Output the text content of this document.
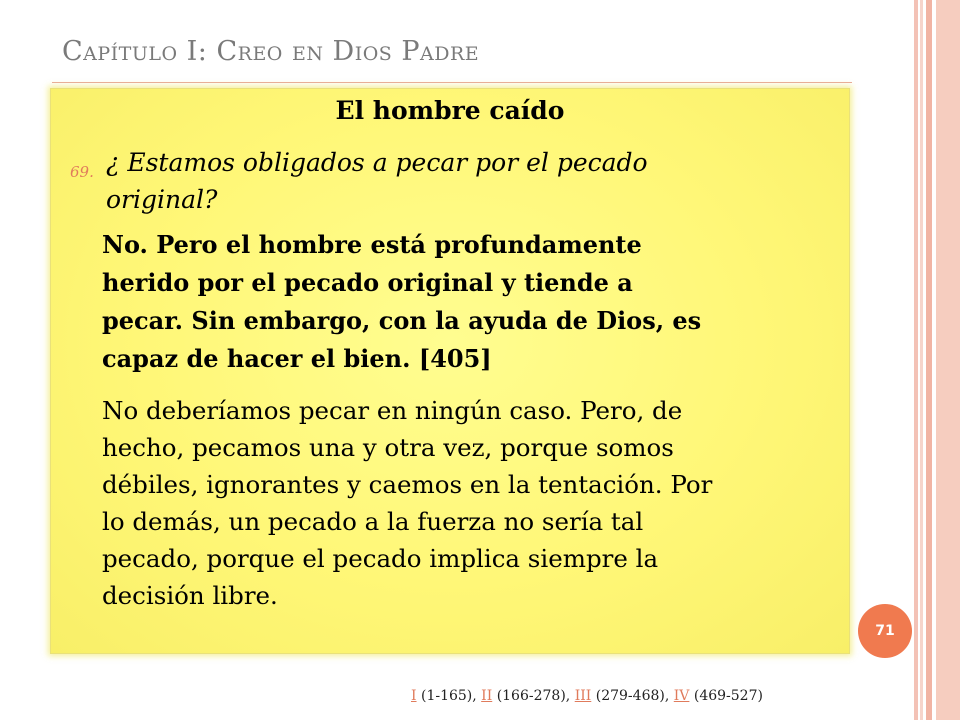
Capítulo I: Creo en Dios Padre
El hombre caído
69. ¿ Estamos obligados a pecar por el pecado
original?
No. Pero el hombre está profundamente
herido por el pecado original y tiende a
pecar. Sin embargo, con la ayuda de Dios, es
capaz de hacer el bien. [405]
No deberíamos pecar en ningún caso. Pero, de
hecho, pecamos una y otra vez, porque somos
débiles, ignorantes y caemos en la tentación. Por
lo demás, un pecado a la fuerza no sería tal
pecado, porque el pecado implica siempre la
decisión libre.
71
I (1-165), II (166-278), III (279-468), IV (469-527)
